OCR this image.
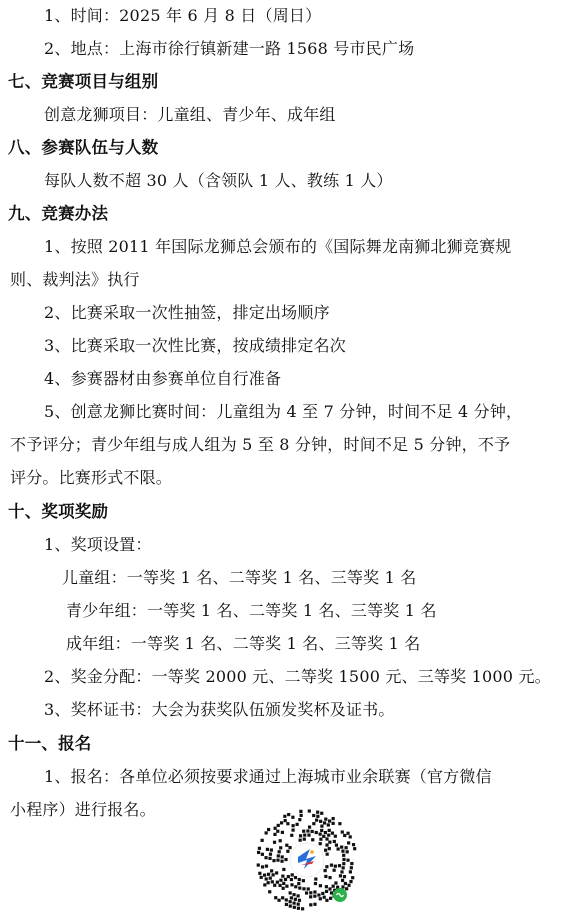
1、时间：2025 年 6 月 8 日（周日）
2、地点：上海市徐行镇新建一路 1568 号市民广场
七、竞赛项目与组别
创意龙狮项目：儿童组、青少年、成年组
八、参赛队伍与人数
每队人数不超 30 人（含领队 1 人、教练 1 人）
九、竞赛办法
1、按照 2011 年国际龙狮总会颁布的《国际舞龙南狮北狮竞赛规
则、裁判法》执行
2、比赛采取一次性抽签，排定出场顺序
3、比赛采取一次性比赛，按成绩排定名次
4、参赛器材由参赛单位自行准备
5、创意龙狮比赛时间：儿童组为 4 至 7 分钟，时间不足 4 分钟，
不予评分；青少年组与成人组为 5 至 8 分钟，时间不足 5 分钟，不予
评分。比赛形式不限。
十、奖项奖励
1、奖项设置：
儿童组：一等奖 1 名、二等奖 1 名、三等奖 1 名
青少年组：一等奖 1 名、二等奖 1 名、三等奖 1 名
成年组：一等奖 1 名、二等奖 1 名、三等奖 1 名
2、奖金分配：一等奖 2000 元、二等奖 1500 元、三等奖 1000 元。
3、奖杯证书：大会为获奖队伍颁发奖杯及证书。
十一、报名
1、报名：各单位必须按要求通过上海城市业余联赛（官方微信
小程序）进行报名。
